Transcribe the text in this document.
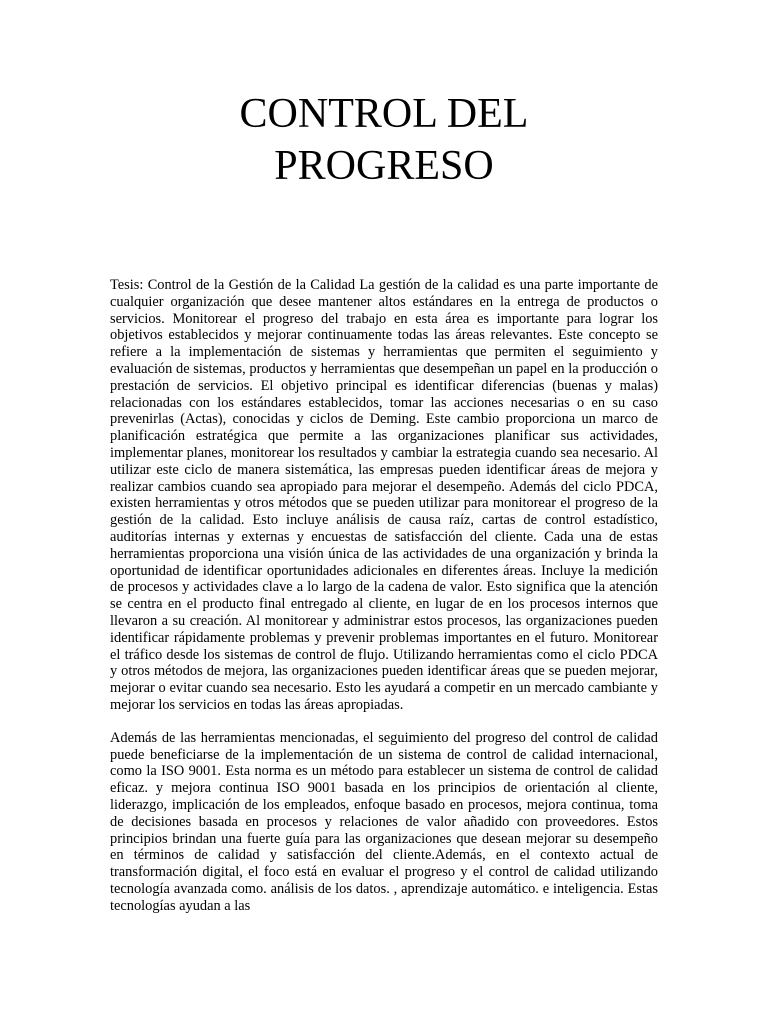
CONTROL DEL
PROGRESO

Tesis: Control de la Gestión de la Calidad La gestión de la calidad es una parte importante de cualquier organización que desee mantener altos estándares en la entrega de productos o servicios. Monitorear el progreso del trabajo en esta área es importante para lograr los objetivos establecidos y mejorar continuamente todas las áreas relevantes. Este concepto se refiere a la implementación de sistemas y herramientas que permiten el seguimiento y evaluación de sistemas, productos y herramientas que desempeñan un papel en la producción o prestación de servicios. El objetivo principal es identificar diferencias (buenas y malas) relacionadas con los estándares establecidos, tomar las acciones necesarias o en su caso prevenirlas (Actas), conocidas y ciclos de Deming. Este cambio proporciona un marco de planificación estratégica que permite a las organizaciones planificar sus actividades, implementar planes, monitorear los resultados y cambiar la estrategia cuando sea necesario. Al utilizar este ciclo de manera sistemática, las empresas pueden identificar áreas de mejora y realizar cambios cuando sea apropiado para mejorar el desempeño. Además del ciclo PDCA, existen herramientas y otros métodos que se pueden utilizar para monitorear el progreso de la gestión de la calidad. Esto incluye análisis de causa raíz, cartas de control estadístico, auditorías internas y externas y encuestas de satisfacción del cliente. Cada una de estas herramientas proporciona una visión única de las actividades de una organización y brinda la oportunidad de identificar oportunidades adicionales en diferentes áreas. Incluye la medición de procesos y actividades clave a lo largo de la cadena de valor. Esto significa que la atención se centra en el producto final entregado al cliente, en lugar de en los procesos internos que llevaron a su creación. Al monitorear y administrar estos procesos, las organizaciones pueden identificar rápidamente problemas y prevenir problemas importantes en el futuro. Monitorear el tráfico desde los sistemas de control de flujo. Utilizando herramientas como el ciclo PDCA y otros métodos de mejora, las organizaciones pueden identificar áreas que se pueden mejorar, mejorar o evitar cuando sea necesario. Esto les ayudará a competir en un mercado cambiante y mejorar los servicios en todas las áreas apropiadas.

Además de las herramientas mencionadas, el seguimiento del progreso del control de calidad puede beneficiarse de la implementación de un sistema de control de calidad internacional, como la ISO 9001. Esta norma es un método para establecer un sistema de control de calidad eficaz. y mejora continua ISO 9001 basada en los principios de orientación al cliente, liderazgo, implicación de los empleados, enfoque basado en procesos, mejora continua, toma de decisiones basada en procesos y relaciones de valor añadido con proveedores. Estos principios brindan una fuerte guía para las organizaciones que desean mejorar su desempeño en términos de calidad y satisfacción del cliente.Además, en el contexto actual de transformación digital, el foco está en evaluar el progreso y el control de calidad utilizando tecnología avanzada como. análisis de los datos. , aprendizaje automático. e inteligencia. Estas tecnologías ayudan a las
